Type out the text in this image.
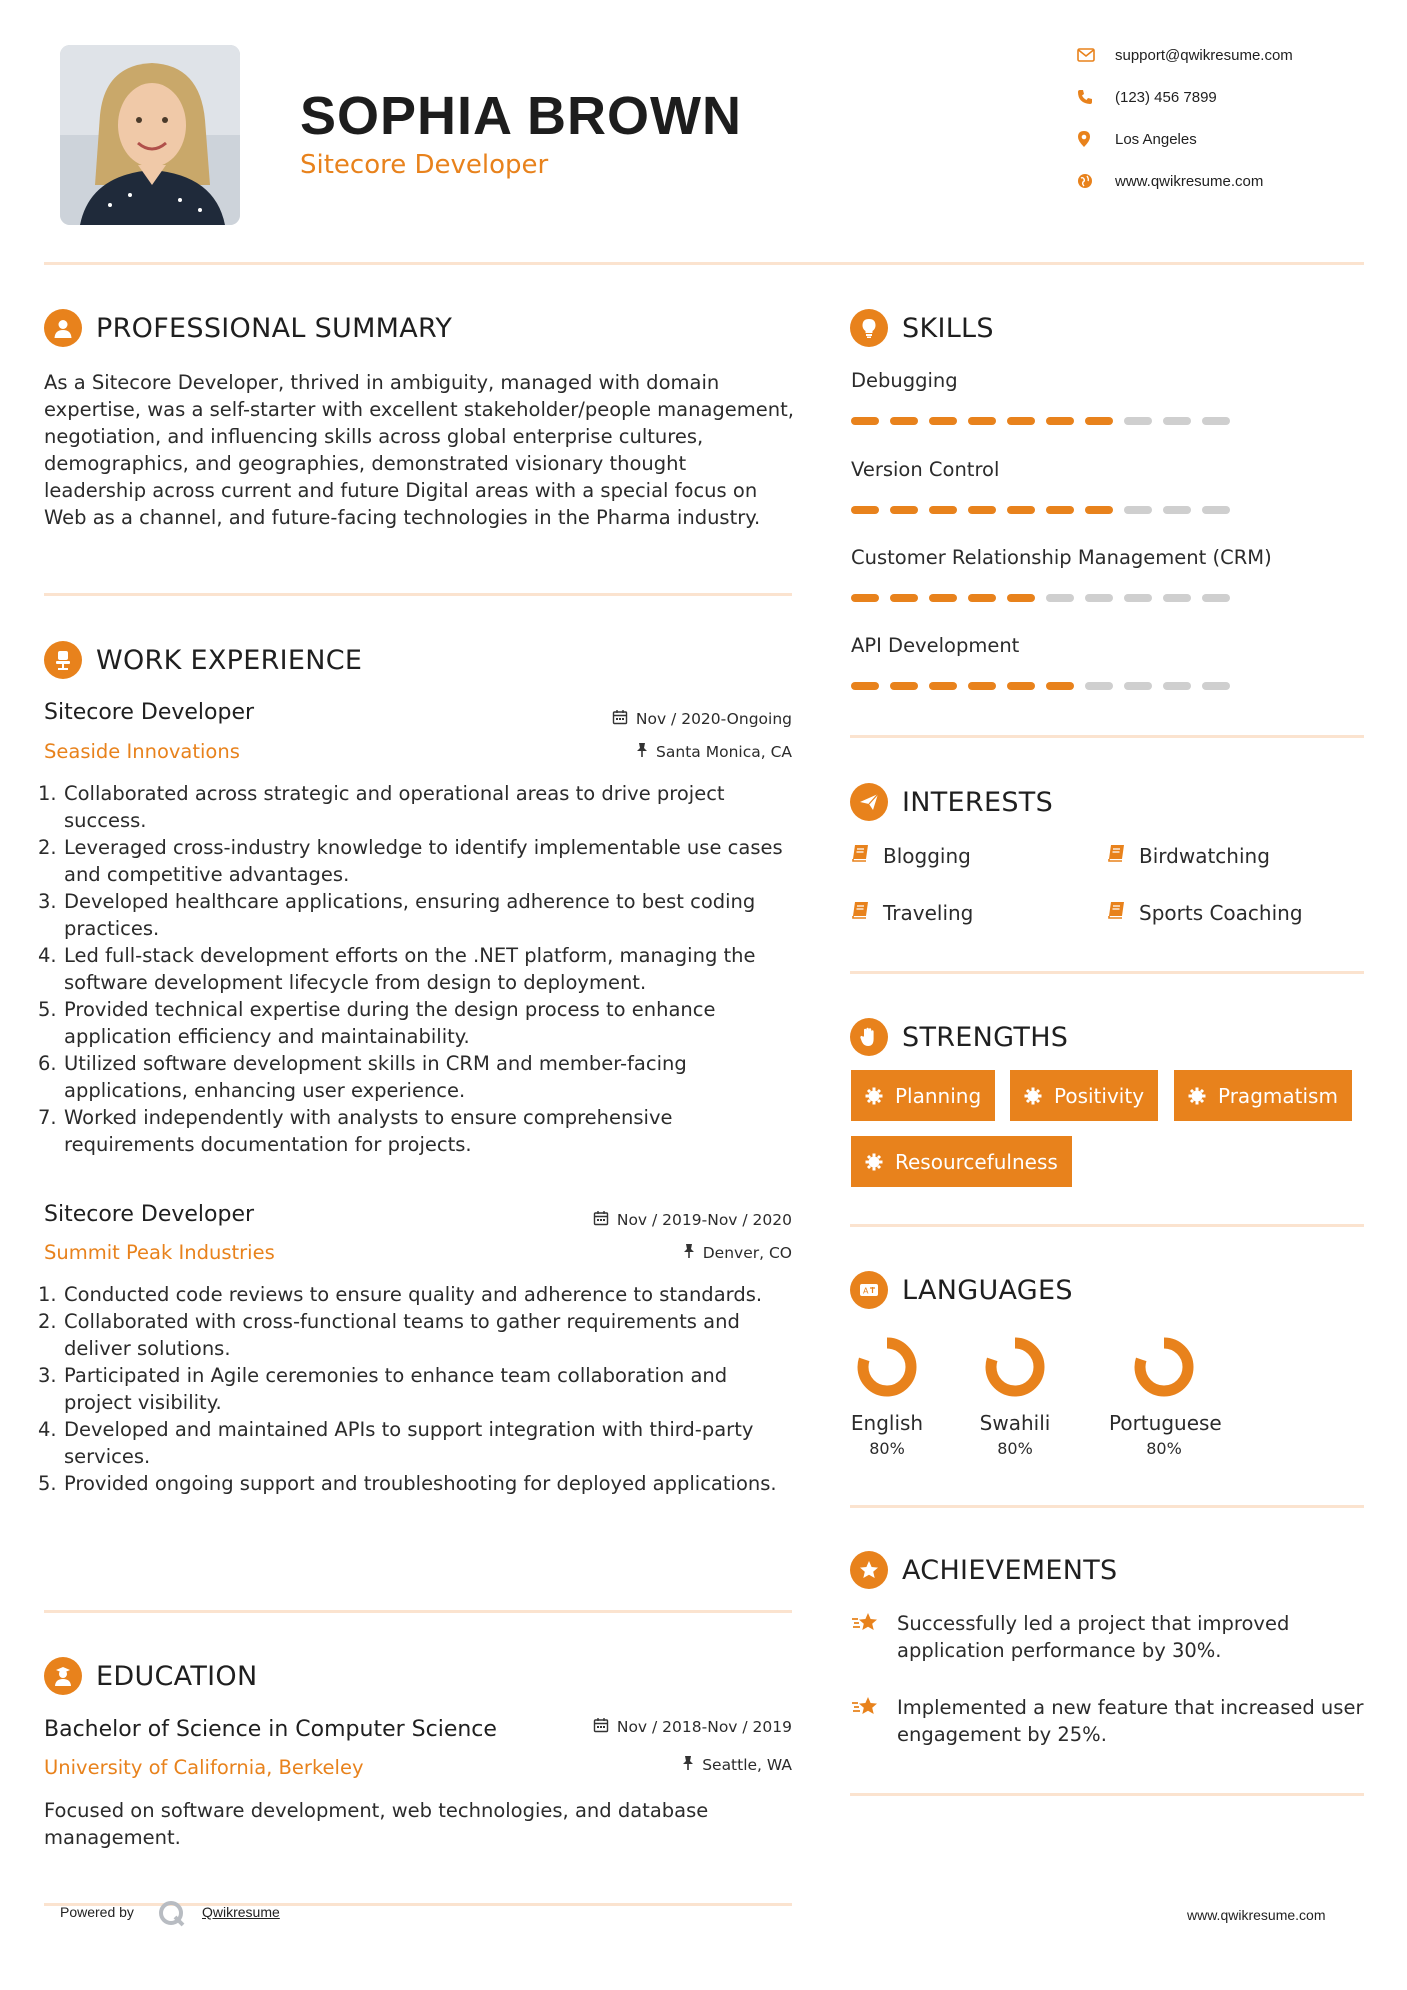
SOPHIA BROWN
Sitecore Developer
support@qwikresume.com
(123) 456 7899
Los Angeles
www.qwikresume.com
PROFESSIONAL SUMMARY
As a Sitecore Developer, thrived in ambiguity, managed with domain expertise, was a self-starter with excellent stakeholder/people management, negotiation, and influencing skills across global enterprise cultures, demographics, and geographies, demonstrated visionary thought leadership across current and future Digital areas with a special focus on Web as a channel, and future-facing technologies in the Pharma industry.
WORK EXPERIENCE
Sitecore Developer
Seaside Innovations
Nov / 2020-Ongoing
Santa Monica, CA
1. Collaborated across strategic and operational areas to drive project success.
2. Leveraged cross-industry knowledge to identify implementable use cases and competitive advantages.
3. Developed healthcare applications, ensuring adherence to best coding practices.
4. Led full-stack development efforts on the .NET platform, managing the software development lifecycle from design to deployment.
5. Provided technical expertise during the design process to enhance application efficiency and maintainability.
6. Utilized software development skills in CRM and member-facing applications, enhancing user experience.
7. Worked independently with analysts to ensure comprehensive requirements documentation for projects.
Sitecore Developer
Summit Peak Industries
Nov / 2019-Nov / 2020
Denver, CO
1. Conducted code reviews to ensure quality and adherence to standards.
2. Collaborated with cross-functional teams to gather requirements and deliver solutions.
3. Participated in Agile ceremonies to enhance team collaboration and project visibility.
4. Developed and maintained APIs to support integration with third-party services.
5. Provided ongoing support and troubleshooting for deployed applications.
EDUCATION
Bachelor of Science in Computer Science
University of California, Berkeley
Nov / 2018-Nov / 2019
Seattle, WA
Focused on software development, web technologies, and database management.
SKILLS
Debugging
Version Control
Customer Relationship Management (CRM)
API Development
INTERESTS
Blogging	Birdwatching
Traveling	Sports Coaching
STRENGTHS
Planning	Positivity	Pragmatism
Resourcefulness
A LANGUAGES
English
80%
Swahili
80%
Portuguese
80%
ACHIEVEMENTS
Successfully led a project that improved application performance by 30%.
Implemented a new feature that increased user engagement by 25%.
Powered by	Qwikresume	www.qwikresume.com
